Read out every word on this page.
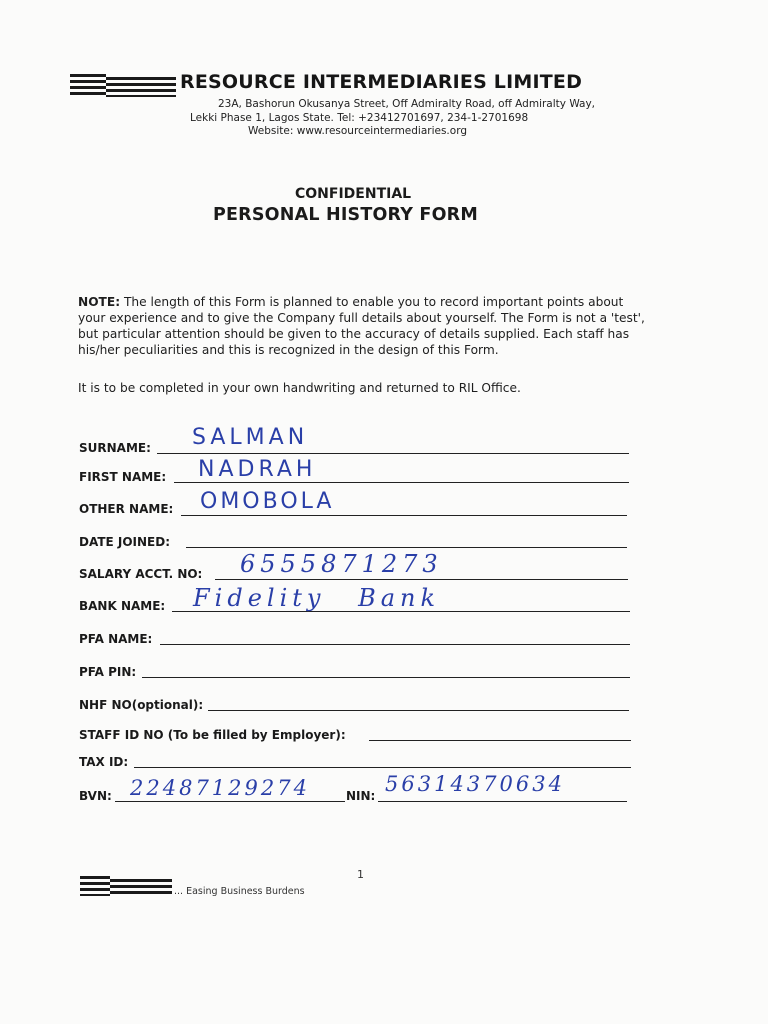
RESOURCE INTERMEDIARIES LIMITED
23A, Bashorun Okusanya Street, Off Admiralty Road, off Admiralty Way,
Lekki Phase 1, Lagos State. Tel: +23412701697, 234-1-2701698
Website: www.resourceintermediaries.org
CONFIDENTIAL
PERSONAL HISTORY FORM
NOTE: The length of this Form is planned to enable you to record important points about your experience and to give the Company full details about yourself. The Form is not a 'test', but particular attention should be given to the accuracy of details supplied. Each staff has his/her peculiarities and this is recognized in the design of this Form.
It is to be completed in your own handwriting and returned to RIL Office.
SURNAME: SALMAN
FIRST NAME: NADRAH
OTHER NAME: OMOBOLA
DATE JOINED:
SALARY ACCT. NO: 6555871273
BANK NAME: Fidelity Bank
PFA NAME:
PFA PIN:
NHF NO(optional):
STAFF ID NO (To be filled by Employer):
TAX ID:
BVN: 22487129274	NIN: 56314370634
1
... Easing Business Burdens
